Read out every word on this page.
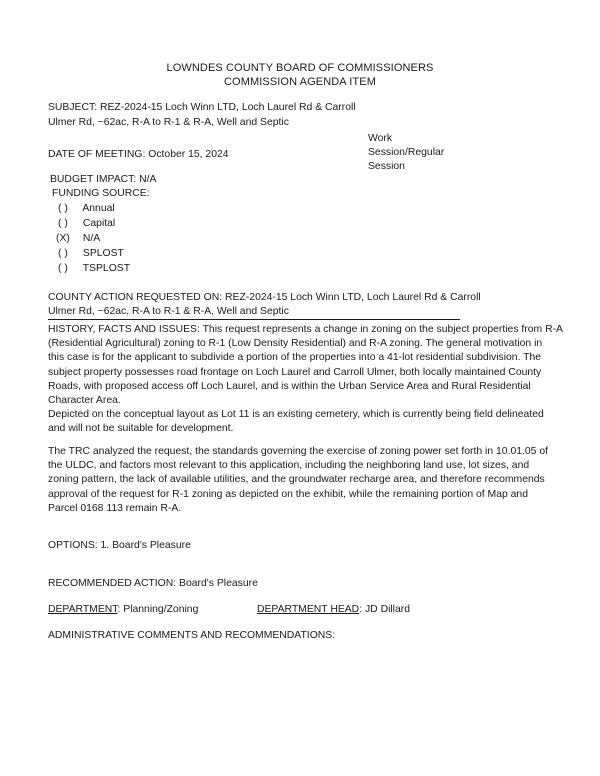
LOWNDES COUNTY BOARD OF COMMISSIONERS
COMMISSION AGENDA ITEM
SUBJECT: REZ-2024-15 Loch Winn LTD, Loch Laurel Rd & Carroll
Ulmer Rd, ~62ac, R-A to R-1 & R-A, Well and Septic
DATE OF MEETING: October 15, 2024
Work
Session/Regular
Session
BUDGET IMPACT: N/A
FUNDING SOURCE:
( ) Annual
( ) Capital
(X) N/A
( ) SPLOST
( ) TSPLOST
COUNTY ACTION REQUESTED ON: REZ-2024-15 Loch Winn LTD, Loch Laurel Rd & Carroll
Ulmer Rd, ~62ac, R-A to R-1 & R-A, Well and Septic
HISTORY, FACTS AND ISSUES: This request represents a change in zoning on the subject properties from R-A
(Residential Agricultural) zoning to R-1 (Low Density Residential) and R-A zoning. The general motivation in
this case is for the applicant to subdivide a portion of the properties into a 41-lot residential subdivision. The
subject property possesses road frontage on Loch Laurel and Carroll Ulmer, both locally maintained County
Roads, with proposed access off Loch Laurel, and is within the Urban Service Area and Rural Residential
Character Area.
Depicted on the conceptual layout as Lot 11 is an existing cemetery, which is currently being field delineated
and will not be suitable for development.
The TRC analyzed the request, the standards governing the exercise of zoning power set forth in 10.01.05 of
the ULDC, and factors most relevant to this application, including the neighboring land use, lot sizes, and
zoning pattern, the lack of available utilities, and the groundwater recharge area, and therefore recommends
approval of the request for R-1 zoning as depicted on the exhibit, while the remaining portion of Map and
Parcel 0168 113 remain R-A.
OPTIONS: 1. Board's Pleasure
RECOMMENDED ACTION: Board's Pleasure
DEPARTMENT: Planning/Zoning	DEPARTMENT HEAD: JD Dillard
ADMINISTRATIVE COMMENTS AND RECOMMENDATIONS:
